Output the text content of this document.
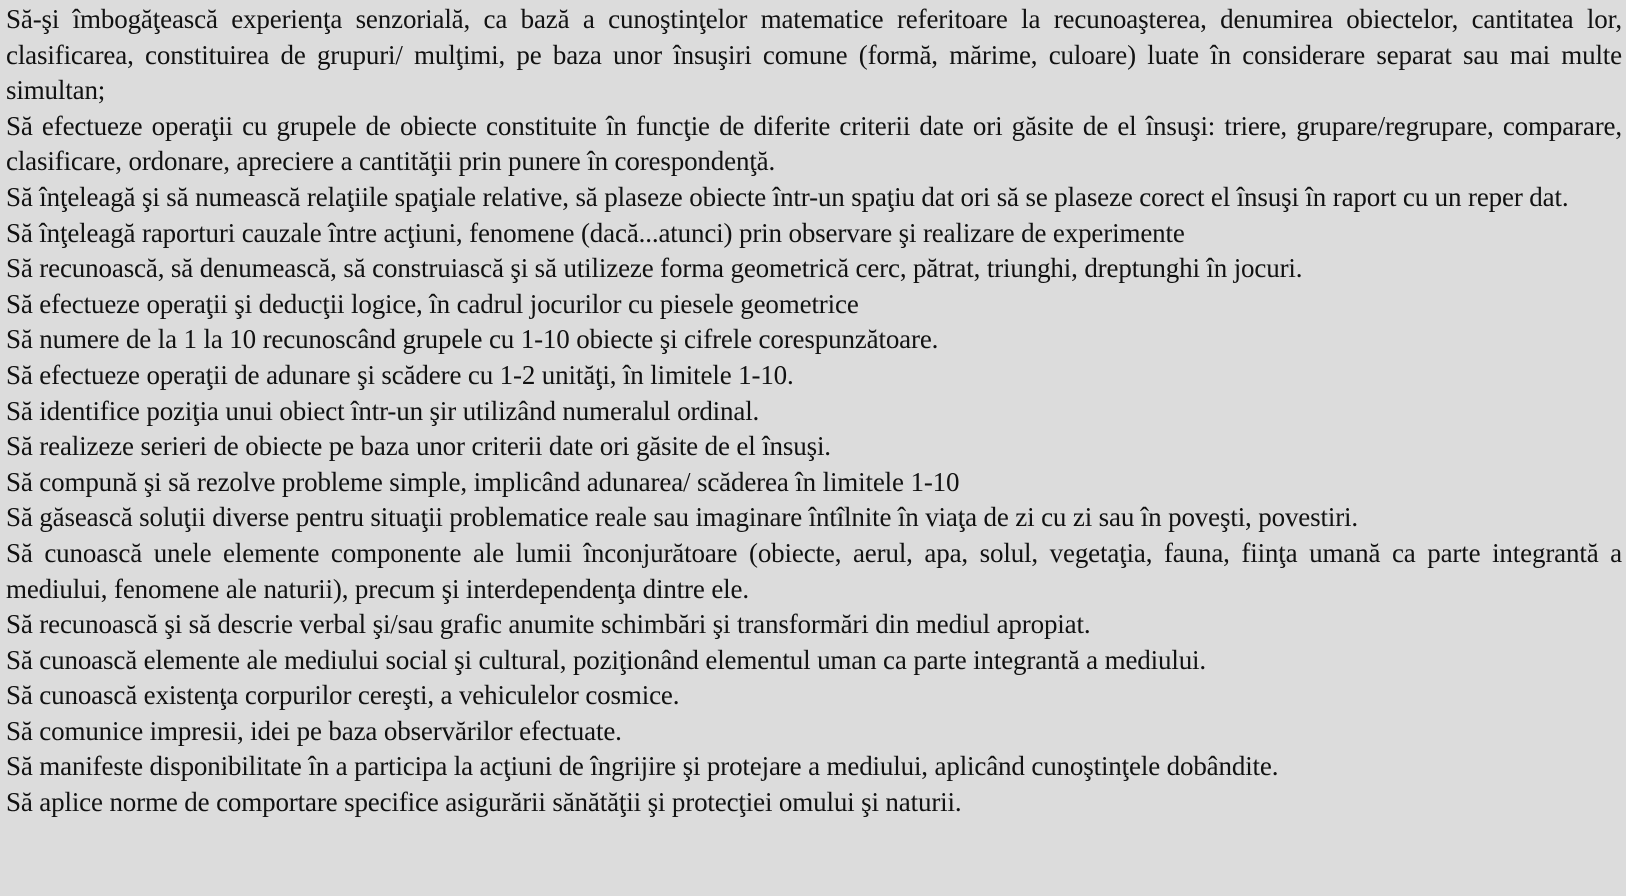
Să-şi îmbogăţească experienţa senzorială, ca bază a cunoştinţelor matematice referitoare la recunoaşterea, denumirea obiectelor, cantitatea lor, clasificarea, constituirea de grupuri/ mulţimi, pe baza unor însuşiri comune (formă, mărime, culoare) luate în considerare separat sau mai multe simultan;

Să efectueze operaţii cu grupele de obiecte constituite în funcţie de diferite criterii date ori găsite de el însuşi: triere, grupare/regrupare, comparare, clasificare, ordonare, apreciere a cantităţii prin punere în corespondenţă.

Să înţeleagă şi să numească relaţiile spaţiale relative, să plaseze obiecte într-un spaţiu dat ori să se plaseze corect el însuşi în raport cu un reper dat.

Să înţeleagă raporturi cauzale între acţiuni, fenomene (dacă...atunci) prin observare şi realizare de experimente

Să recunoască, să denumească, să construiască şi să utilizeze forma geometrică cerc, pătrat, triunghi, dreptunghi în jocuri.

Să efectueze operaţii şi deducţii logice, în cadrul jocurilor cu piesele geometrice

Să numere de la 1 la 10 recunoscând grupele cu 1-10 obiecte şi cifrele corespunzătoare.

Să efectueze operaţii de adunare şi scădere cu 1-2 unităţi, în limitele 1-10.

Să identifice poziţia unui obiect într-un şir utilizând numeralul ordinal.

Să realizeze serieri de obiecte pe baza unor criterii date ori găsite de el însuşi.

Să compună şi să rezolve probleme simple, implicând adunarea/ scăderea în limitele 1-10

Să găsească soluţii diverse pentru situaţii problematice reale sau imaginare întîlnite în viaţa de zi cu zi sau în poveşti, povestiri.

Să cunoască unele elemente componente ale lumii înconjurătoare (obiecte, aerul, apa, solul, vegetaţia, fauna, fiinţa umană ca parte integrantă a mediului, fenomene ale naturii), precum şi interdependenţa dintre ele.

Să recunoască şi să descrie verbal şi/sau grafic anumite schimbări şi transformări din mediul apropiat.

Să cunoască elemente ale mediului social şi cultural, poziţionând elementul uman ca parte integrantă a mediului.

Să cunoască existenţa corpurilor cereşti, a vehiculelor cosmice.

Să comunice impresii, idei pe baza observărilor efectuate.

Să manifeste disponibilitate în a participa la acţiuni de îngrijire şi protejare a mediului, aplicând cunoştinţele dobândite.

Să aplice norme de comportare specifice asigurării sănătăţii şi protecţiei omului şi naturii.
